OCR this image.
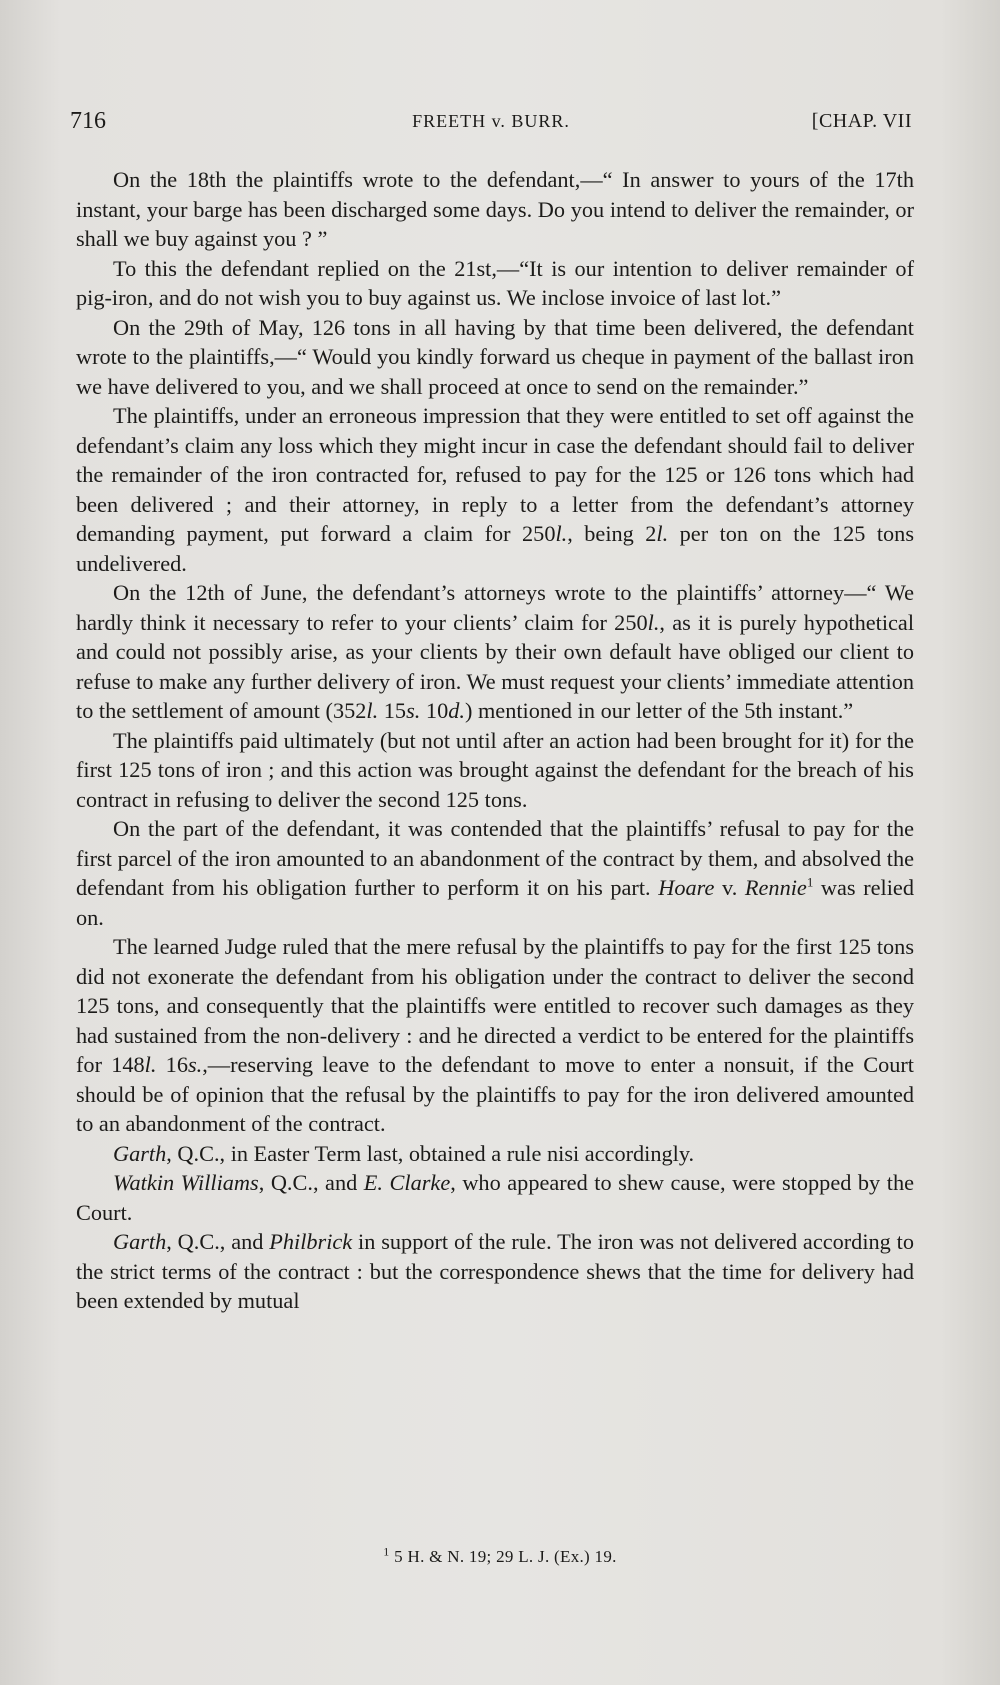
716	FREETH v. BURR.	[CHAP. VII

On the 18th the plaintiffs wrote to the defendant,—“ In answer to yours of the 17th instant, your barge has been discharged some days. Do you intend to deliver the remainder, or shall we buy against you ? ”

To this the defendant replied on the 21st,—“It is our intention to deliver remainder of pig-iron, and do not wish you to buy against us. We inclose invoice of last lot.”

On the 29th of May, 126 tons in all having by that time been delivered, the defendant wrote to the plaintiffs,—“ Would you kindly forward us cheque in payment of the ballast iron we have delivered to you, and we shall proceed at once to send on the remainder.”

The plaintiffs, under an erroneous impression that they were entitled to set off against the defendant’s claim any loss which they might incur in case the defendant should fail to deliver the remainder of the iron contracted for, refused to pay for the 125 or 126 tons which had been delivered ; and their attorney, in reply to a letter from the defendant’s attorney demanding payment, put forward a claim for 250l., being 2l. per ton on the 125 tons undelivered.

On the 12th of June, the defendant’s attorneys wrote to the plaintiffs’ attorney—“ We hardly think it necessary to refer to your clients’ claim for 250l., as it is purely hypothetical and could not possibly arise, as your clients by their own default have obliged our client to refuse to make any further delivery of iron. We must request your clients’ immediate attention to the settlement of amount (352l. 15s. 10d.) mentioned in our letter of the 5th instant.”

The plaintiffs paid ultimately (but not until after an action had been brought for it) for the first 125 tons of iron ; and this action was brought against the defendant for the breach of his contract in refusing to deliver the second 125 tons.

On the part of the defendant, it was contended that the plaintiffs’ refusal to pay for the first parcel of the iron amounted to an abandonment of the contract by them, and absolved the defendant from his obligation further to perform it on his part. Hoare v. Rennie$^1$ was relied on.

The learned Judge ruled that the mere refusal by the plaintiffs to pay for the first 125 tons did not exonerate the defendant from his obligation under the contract to deliver the second 125 tons, and consequently that the plaintiffs were entitled to recover such damages as they had sustained from the non-delivery : and he directed a verdict to be entered for the plaintiffs for 148l. 16s.,—reserving leave to the defendant to move to enter a nonsuit, if the Court should be of opinion that the refusal by the plaintiffs to pay for the iron delivered amounted to an abandonment of the contract.

Garth, Q.C., in Easter Term last, obtained a rule nisi accordingly.

Watkin Williams, Q.C., and E. Clarke, who appeared to shew cause, were stopped by the Court.

Garth, Q.C., and Philbrick in support of the rule. The iron was not delivered according to the strict terms of the contract : but the correspondence shews that the time for delivery had been extended by mutual

$^1$ 5 H. & N. 19; 29 L. J. (Ex.) 19.
